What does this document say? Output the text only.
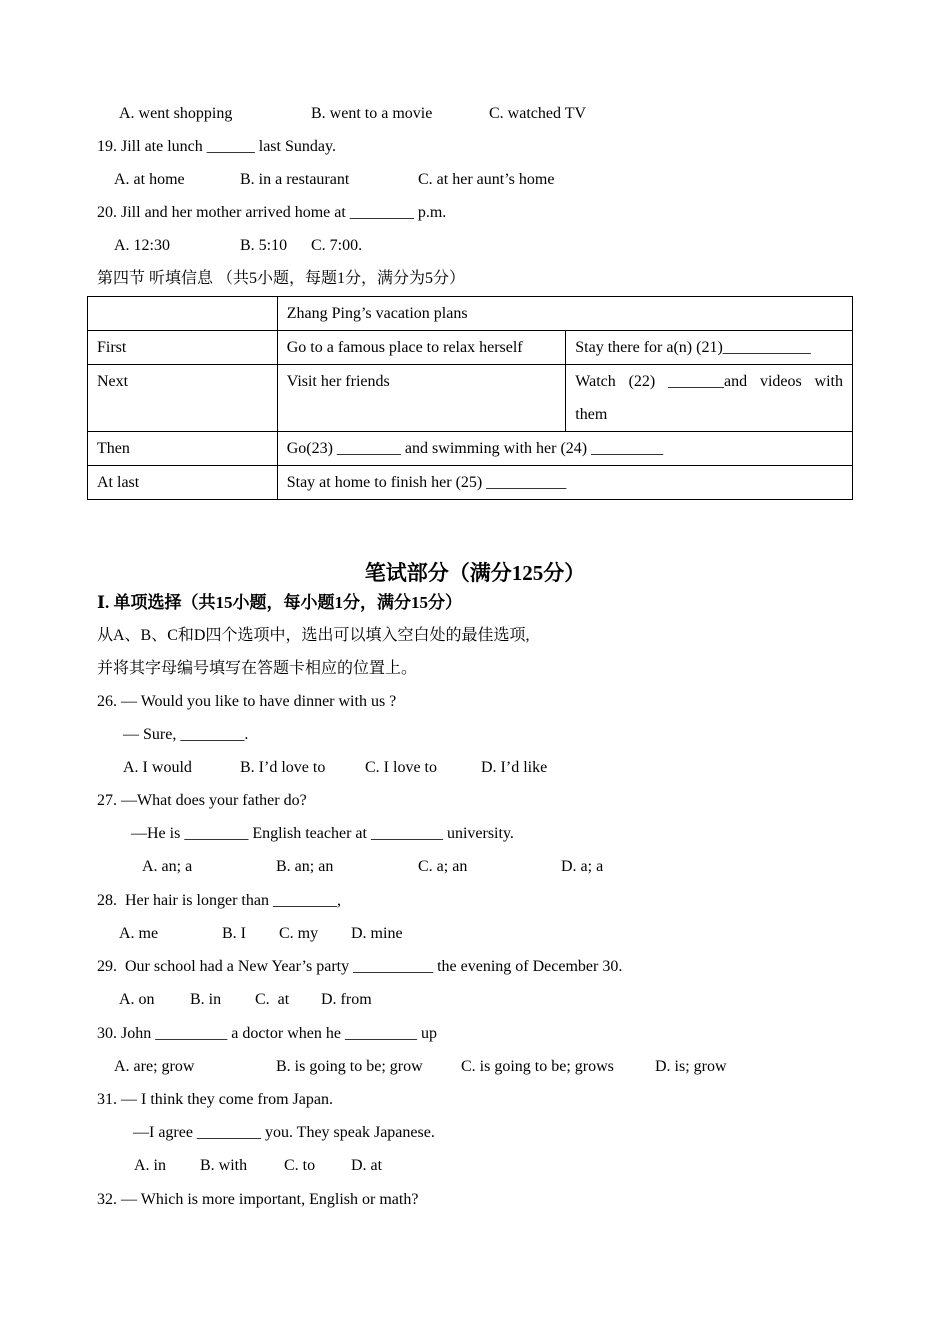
A. went shopping	B. went to a movie	C. watched TV
19. Jill ate lunch ______ last Sunday.
A. at home	B. in a restaurant	C. at her aunt’s home
20. Jill and her mother arrived home at ________ p.m.
A. 12:30	B. 5:10 C. 7:00.
第四节 听填信息 （共5小题，每题1分，满分为5分）
	Zhang Ping’s vacation plans	
First	Go to a famous place to relax herself	Stay there for a(n) (21)___________
Next	Visit her friends	Watch (22) _______and videos with them
Then	Go(23) ________ and swimming with her (24) _________	
At last	Stay at home to finish her (25) __________	
笔试部分（满分125分）
Ⅰ. 单项选择（共15小题，每小题1分，满分15分）
从A、B、C和D四个选项中，选出可以填入空白处的最佳选项,
并将其字母编号填写在答题卡相应的位置上。
26. — Would you like to have dinner with us ?
— Sure, ________.
A. I would	B. I’d love to C. I love to	D. I’d like
27. —What does your father do?
—He is ________ English teacher at _________ university.
A. an; a	B. an; an	C. a; an	D. a; a
28.  Her hair is longer than ________,
A. me	B. I C. my D. mine
29.  Our school had a New Year’s party __________ the evening of December 30.
A. on B. in C.  at D. from
30. John _________ a doctor when he _________ up
A. are; grow	B. is going to be; grow C. is going to be; grows	D. is; grow
31. — I think they come from Japan.
—I agree ________ you. They speak Japanese.
A. in B. with C. to D. at
32. — Which is more important, English or math?
